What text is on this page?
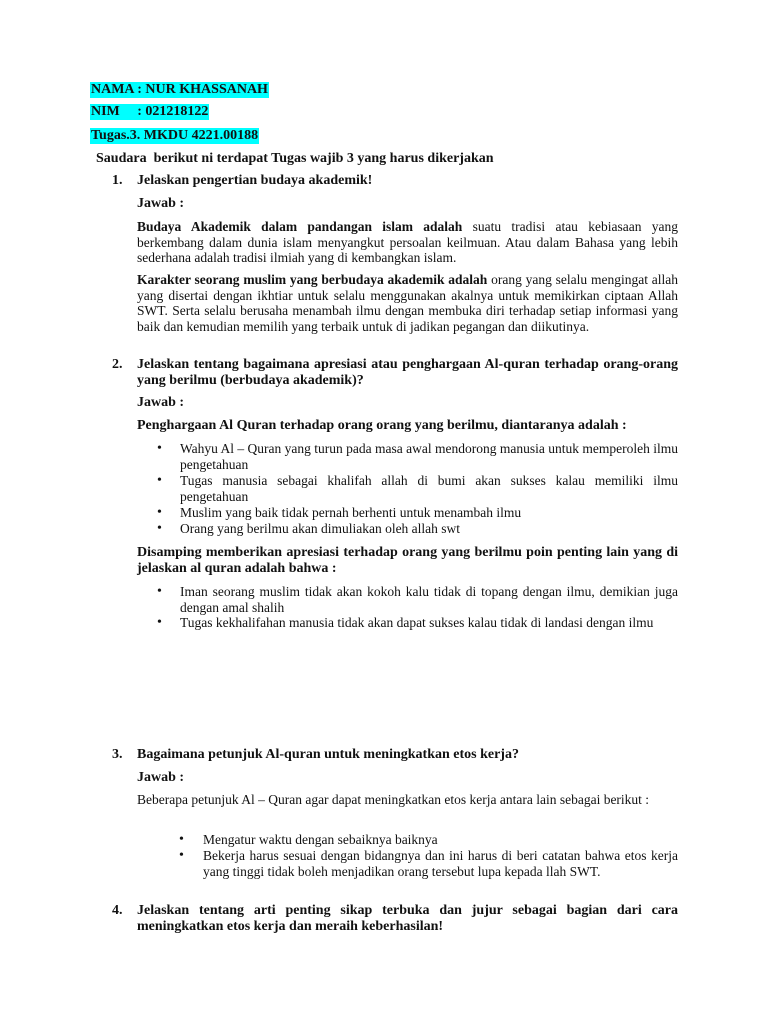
NAMA : NUR KHASSANAH
NIM     : 021218122
Tugas.3. MKDU 4221.00188
Saudara  berikut ni terdapat Tugas wajib 3 yang harus dikerjakan
1. Jelaskan pengertian budaya akademik!
Jawab :
Budaya Akademik dalam pandangan islam adalah suatu tradisi atau kebiasaan yang berkembang dalam dunia islam menyangkut persoalan keilmuan. Atau dalam Bahasa yang lebih sederhana adalah tradisi ilmiah yang di kembangkan islam.
Karakter seorang muslim yang berbudaya akademik adalah orang yang selalu mengingat allah yang disertai dengan ikhtiar untuk selalu menggunakan akalnya untuk memikirkan ciptaan Allah SWT. Serta selalu berusaha menambah ilmu dengan membuka diri terhadap setiap informasi yang baik dan kemudian memilih yang terbaik untuk di jadikan pegangan dan diikutinya.
2. Jelaskan tentang bagaimana apresiasi atau penghargaan Al-quran terhadap orang-orang yang berilmu (berbudaya akademik)?
Jawab :
Penghargaan Al Quran terhadap orang orang yang berilmu, diantaranya adalah :
• Wahyu Al – Quran yang turun pada masa awal mendorong manusia untuk memperoleh ilmu pengetahuan
• Tugas manusia sebagai khalifah allah di bumi akan sukses kalau memiliki ilmu pengetahuan
• Muslim yang baik tidak pernah berhenti untuk menambah ilmu
• Orang yang berilmu akan dimuliakan oleh allah swt
Disamping memberikan apresiasi terhadap orang yang berilmu poin penting lain yang di jelaskan al quran adalah bahwa :
• Iman seorang muslim tidak akan kokoh kalu tidak di topang dengan ilmu, demikian juga dengan amal shalih
• Tugas kekhalifahan manusia tidak akan dapat sukses kalau tidak di landasi dengan ilmu
3. Bagaimana petunjuk Al-quran untuk meningkatkan etos kerja?
Jawab :
Beberapa petunjuk Al – Quran agar dapat meningkatkan etos kerja antara lain sebagai berikut :
• Mengatur waktu dengan sebaiknya baiknya
• Bekerja harus sesuai dengan bidangnya dan ini harus di beri catatan bahwa etos kerja yang tinggi tidak boleh menjadikan orang tersebut lupa kepada llah SWT.
4. Jelaskan tentang arti penting sikap terbuka dan jujur sebagai bagian dari cara meningkatkan etos kerja dan meraih keberhasilan!
